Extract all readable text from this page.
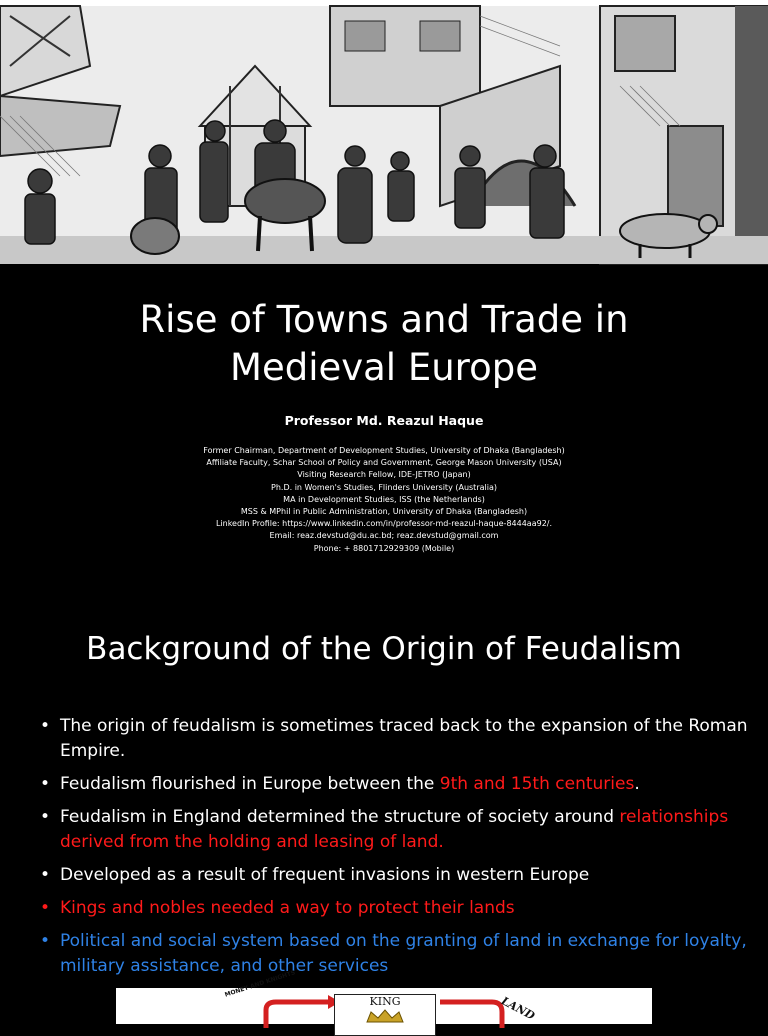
Rise of Towns and Trade in
Medieval Europe
Professor Md. Reazul Haque
Former Chairman, Department of Development Studies, University of Dhaka (Bangladesh)
Affiliate Faculty, Schar School of Policy and Government, George Mason University (USA)
Visiting Research Fellow, IDE-JETRO (Japan)
Ph.D. in Women's Studies, Flinders University (Australia)
MA in Development Studies, ISS (the Netherlands)
MSS & MPhil in Public Administration, University of Dhaka (Bangladesh)
LinkedIn Profile: https://www.linkedin.com/in/professor-md-reazul-haque-8444aa92/.
Email: reaz.devstud@du.ac.bd; reaz.devstud@gmail.com
Phone: + 8801712929309 (Mobile)
Background of the Origin of Feudalism
• The origin of feudalism is sometimes traced back to the expansion of the Roman Empire.
• Feudalism flourished in Europe between the 9th and 15th centuries.
• Feudalism in England determined the structure of society around relationships derived from the holding and leasing of land.
• Developed as a result of frequent invasions in western Europe
• Kings and nobles needed a way to protect their lands
• Political and social system based on the granting of land in exchange for loyalty, military assistance, and other services
MONEY AND KNIGHTS
KING	LAND
